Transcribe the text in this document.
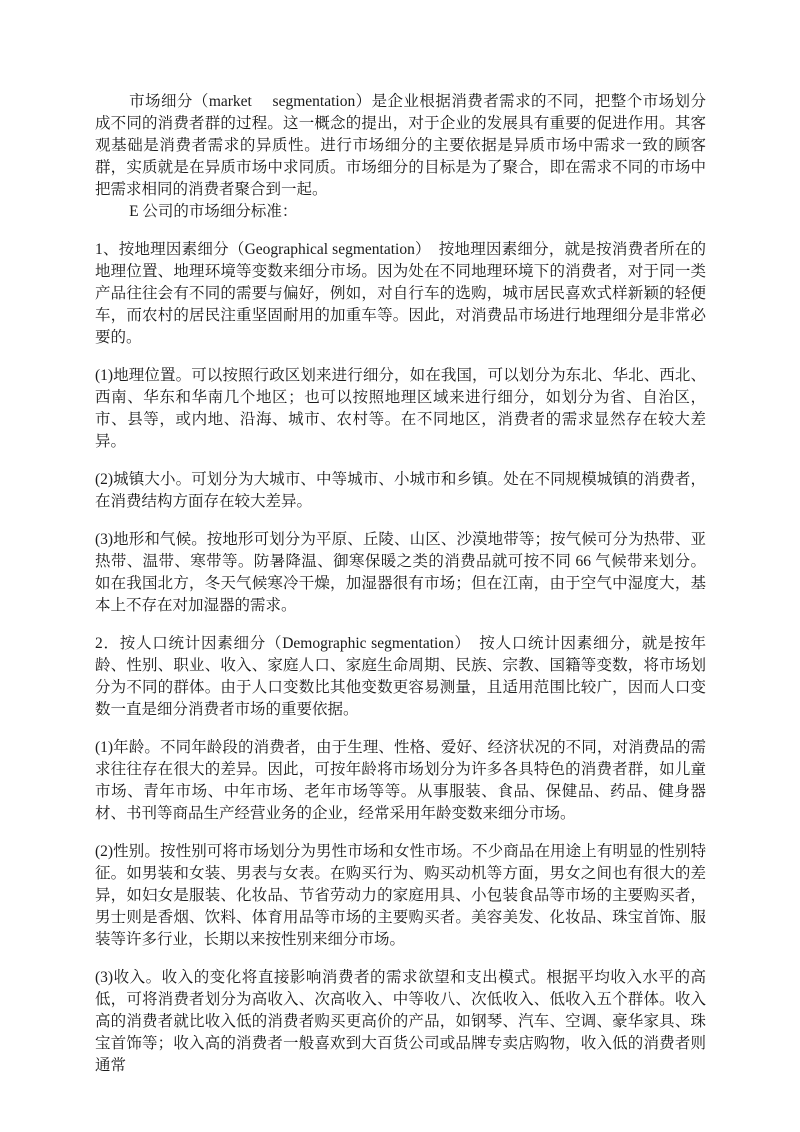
市场细分（market　 segmentation）是企业根据消费者需求的不同，把整个市场划分成不同的消费者群的过程。这一概念的提出，对于企业的发展具有重要的促进作用。其客观基础是消费者需求的异质性。进行市场细分的主要依据是异质市场中需求一致的顾客群，实质就是在异质市场中求同质。市场细分的目标是为了聚合，即在需求不同的市场中把需求相同的消费者聚合到一起。

E 公司的市场细分标准：

1、按地理因素细分（Geographical segmentation）　按地理因素细分，就是按消费者所在的地理位置、地理环境等变数来细分市场。因为处在不同地理环境下的消费者，对于同一类产品往往会有不同的需要与偏好，例如，对自行车的选购，城市居民喜欢式样新颖的轻便车，而农村的居民注重坚固耐用的加重车等。因此，对消费品市场进行地理细分是非常必要的。

(1)地理位置。可以按照行政区划来进行细分，如在我国，可以划分为东北、华北、西北、西南、华东和华南几个地区；也可以按照地理区域来进行细分，如划分为省、自治区，市、县等，或内地、沿海、城市、农村等。在不同地区，消费者的需求显然存在较大差异。

(2)城镇大小。可划分为大城市、中等城市、小城市和乡镇。处在不同规模城镇的消费者，在消费结构方面存在较大差异。

(3)地形和气候。按地形可划分为平原、丘陵、山区、沙漠地带等；按气候可分为热带、亚热带、温带、寒带等。防暑降温、御寒保暖之类的消费品就可按不同 66 气候带来划分。如在我国北方，冬天气候寒冷干燥，加湿器很有市场；但在江南，由于空气中湿度大，基本上不存在对加湿器的需求。

2．按人口统计因素细分（Demographic segmentation）　按人口统计因素细分，就是按年龄、性别、职业、收入、家庭人口、家庭生命周期、民族、宗教、国籍等变数，将市场划分为不同的群体。由于人口变数比其他变数更容易测量，且适用范围比较广，因而人口变数一直是细分消费者市场的重要依据。

(1)年龄。不同年龄段的消费者，由于生理、性格、爱好、经济状况的不同，对消费品的需求往往存在很大的差异。因此，可按年龄将市场划分为许多各具特色的消费者群，如儿童市场、青年市场、中年市场、老年市场等等。从事服装、食品、保健品、药品、健身器材、书刊等商品生产经营业务的企业，经常采用年龄变数来细分市场。

(2)性别。按性别可将市场划分为男性市场和女性市场。不少商品在用途上有明显的性别特征。如男装和女装、男表与女表。在购买行为、购买动机等方面，男女之间也有很大的差异，如妇女是服装、化妆品、节省劳动力的家庭用具、小包装食品等市场的主要购买者，男士则是香烟、饮料、体育用品等市场的主要购买者。美容美发、化妆品、珠宝首饰、服装等许多行业，长期以来按性别来细分市场。

(3)收入。收入的变化将直接影响消费者的需求欲望和支出模式。根据平均收入水平的高低，可将消费者划分为高收入、次高收入、中等收八、次低收入、低收入五个群体。收入高的消费者就比收入低的消费者购买更高价的产品，如钢琴、汽车、空调、豪华家具、珠宝首饰等；收入高的消费者一般喜欢到大百货公司或品牌专卖店购物，收入低的消费者则通常
